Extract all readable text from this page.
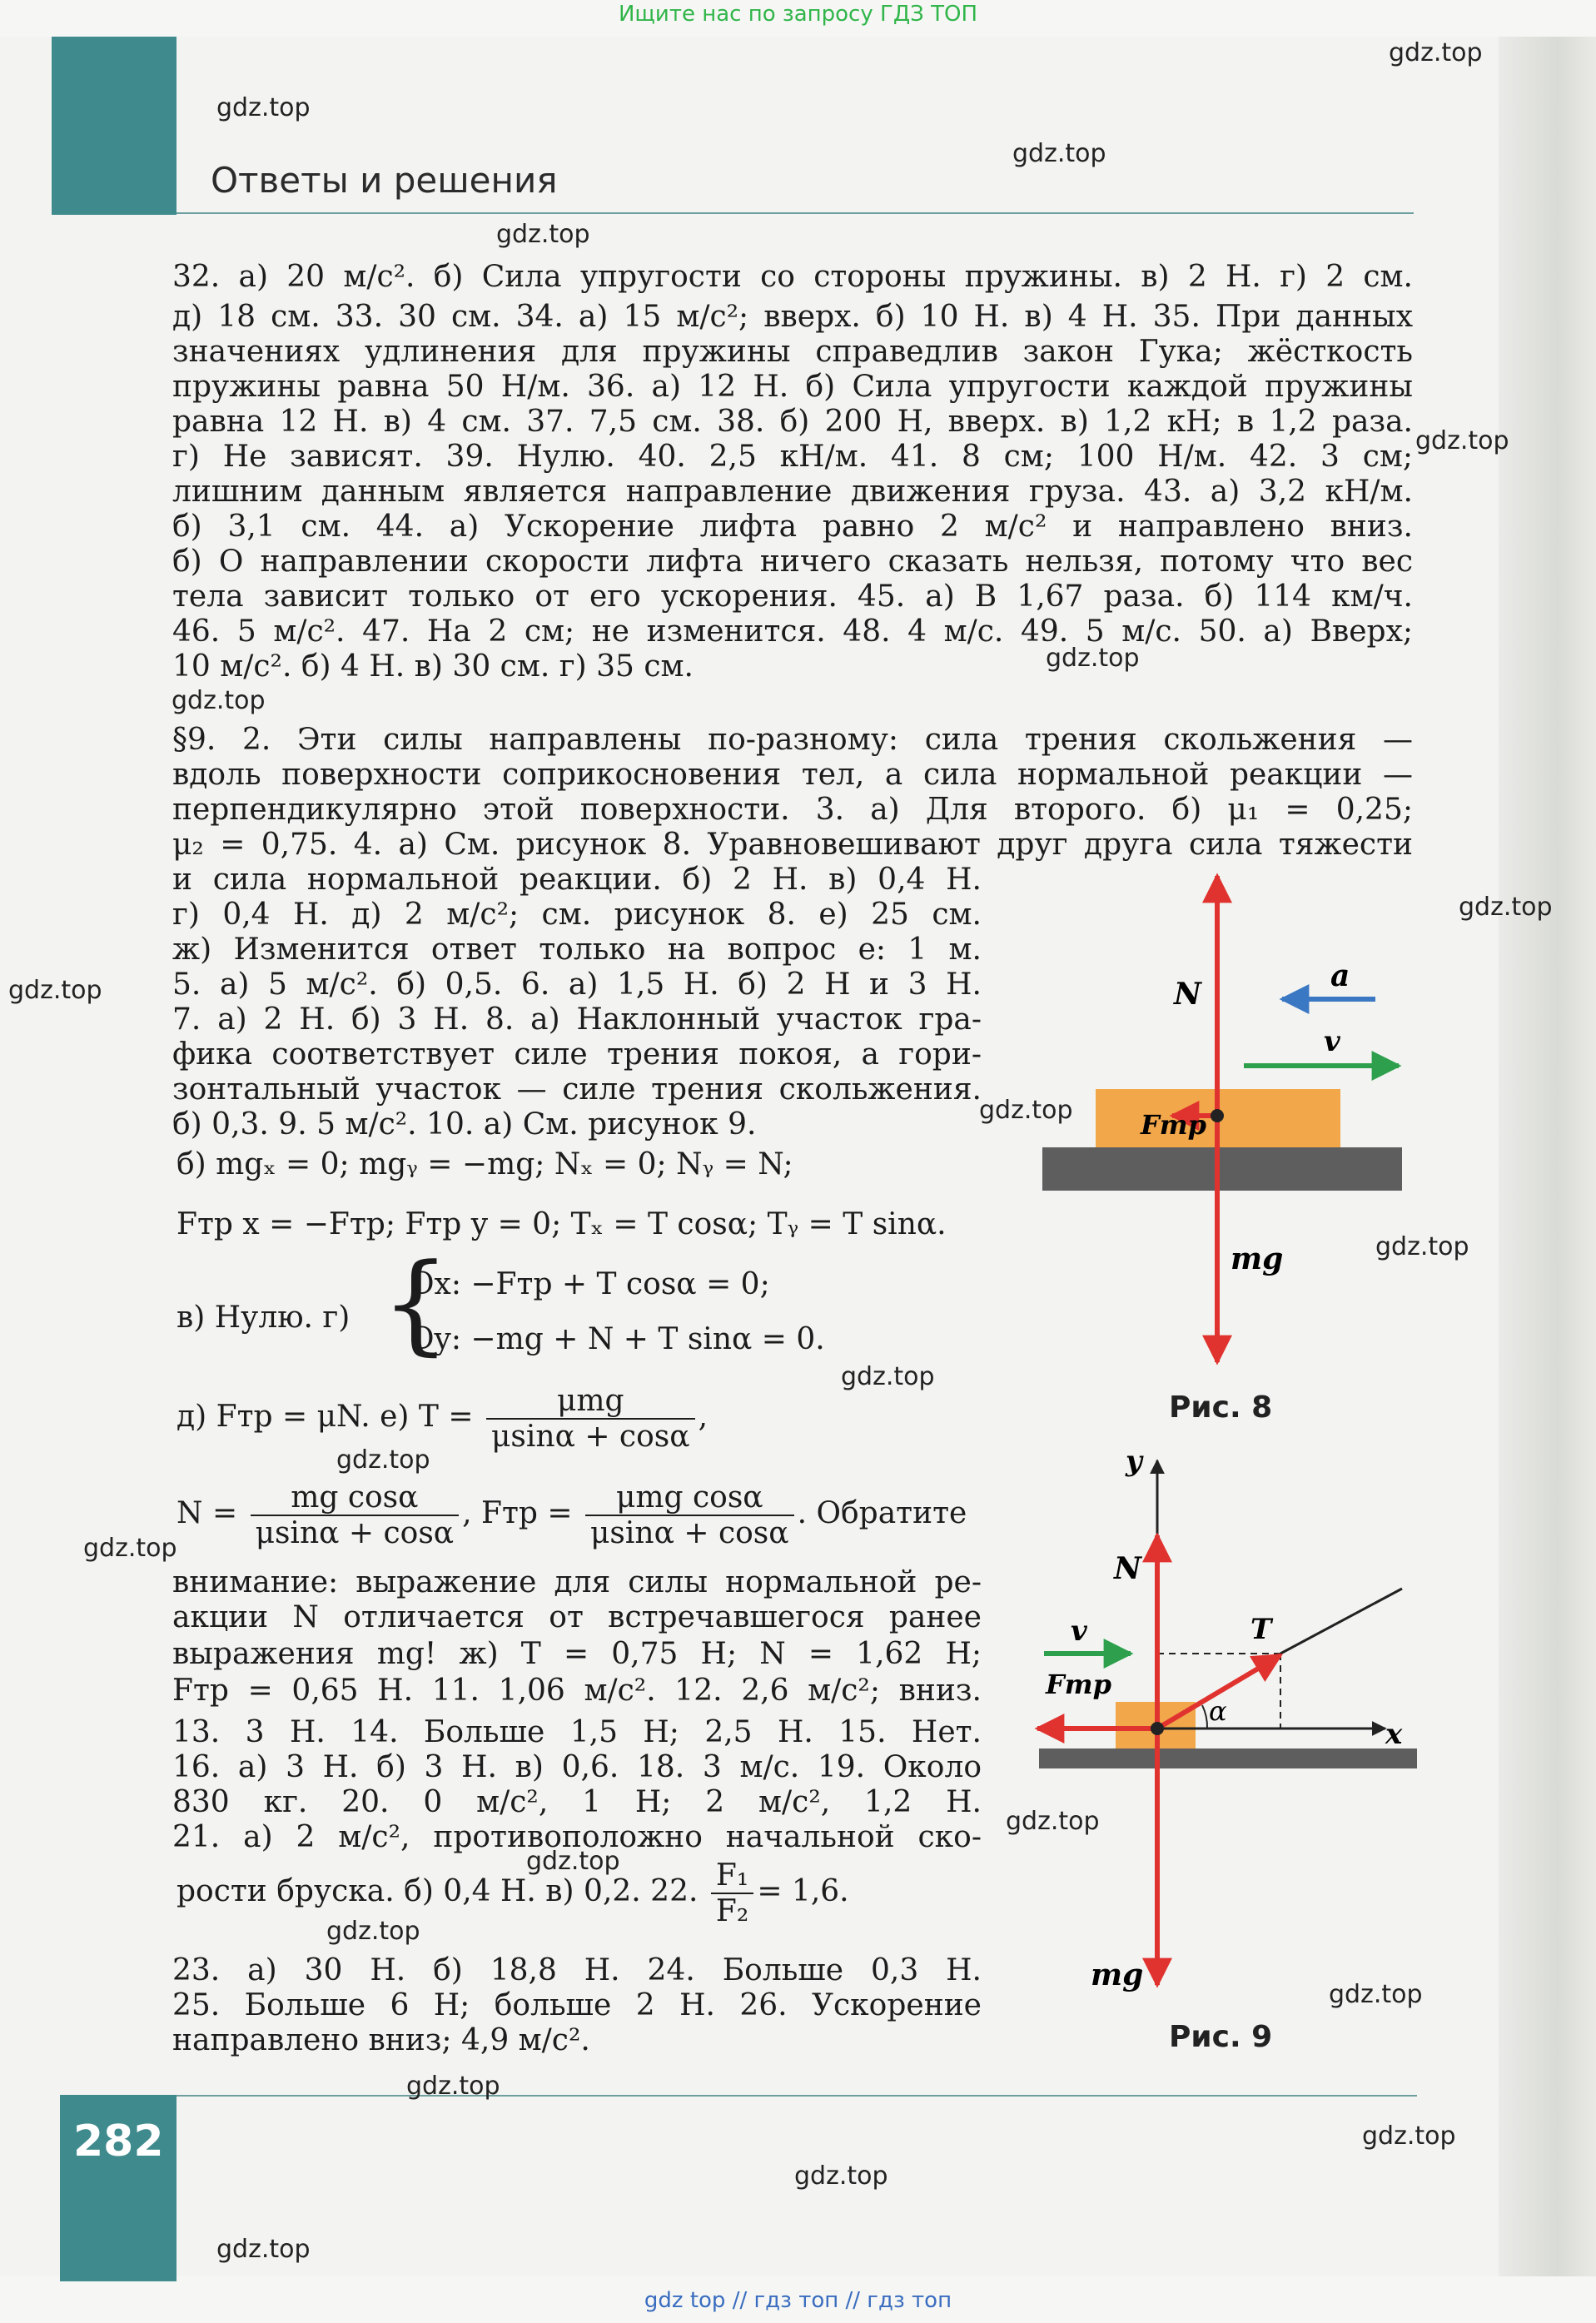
282
Ищите нас по запросу ГДЗ ТОП
gdz top // гдз топ // гдз топ
Ответы и решения
gdz.top
gdz.top
gdz.top
gdz.top
gdz.top
gdz.top
gdz.top
gdz.top
gdz.top
gdz.top
gdz.top
gdz.top
gdz.top
gdz.top
gdz.top
gdz.top
gdz.top
gdz.top
gdz.top
gdz.top
gdz.top
gdz.top
32. а) 20 м/с². б) Сила упругости со стороны пружины. в) 2 Н. г) 2 см.
д) 18 см. 33. 30 см. 34. а) 15 м/с²; вверх. б) 10 Н. в) 4 Н. 35. При данных
значениях удлинения для пружины справедлив закон Гука; жёсткость
пружины равна 50 Н/м. 36. а) 12 Н. б) Сила упругости каждой пружины
равна 12 Н. в) 4 см. 37. 7,5 см. 38. б) 200 Н, вверх. в) 1,2 кН; в 1,2 раза.
г) Не зависят. 39. Нулю. 40. 2,5 кН/м. 41. 8 см; 100 Н/м. 42. 3 см;
лишним данным является направление движения груза. 43. а) 3,2 кН/м.
б) 3,1 см. 44. а) Ускорение лифта равно 2 м/с² и направлено вниз.
б) О направлении скорости лифта ничего сказать нельзя, потому что вес
тела зависит только от его ускорения. 45. а) В 1,67 раза. б) 114 км/ч.
46. 5 м/с². 47. На 2 см; не изменится. 48. 4 м/с. 49. 5 м/с. 50. а) Вверх;
10 м/с². б) 4 Н. в) 30 см. г) 35 см.
§9. 2. Эти силы направлены по-разному: сила трения скольжения —
вдоль поверхности соприкосновения тел, а сила нормальной реакции —
перпендикулярно этой поверхности. 3. а) Для второго. б) μ₁ = 0,25;
μ₂ = 0,75. 4. а) См. рисунок 8. Уравновешивают друг друга сила тяжести
и сила нормальной реакции. б) 2 Н. в) 0,4 Н.
г) 0,4 Н. д) 2 м/с²; см. рисунок 8. е) 25 см.
ж) Изменится ответ только на вопрос е: 1 м.
5. а) 5 м/с². б) 0,5. 6. а) 1,5 Н. б) 2 Н и 3 Н.
7. а) 2 Н. б) 3 Н. 8. а) Наклонный участок гра-
фика соответствует силе трения покоя, а гори-
зонтальный участок — силе трения скольжения.
б) 0,3. 9. 5 м/с². 10. а) См. рисунок 9.
б) mgₓ = 0; mgᵧ = −mg; Nₓ = 0; Nᵧ = N;
Fтр x = −Fтр; Fтр y = 0; Tₓ = T cosα; Tᵧ = T sinα.
в) Нулю. г) {
Ox: −Fтр + T cosα = 0;
Oy: −mg + N + T sinα = 0.
д) Fтр = μN. е) $T = \frac{\text{μmg}}{\mu\sin\alpha + \cos\alpha}$ ,
$N = \frac{\text{mg cosα}}{\mu\sin\alpha + \cos\alpha}$ , Fтр = $\frac{\text{μmg cosα}}{\mu\sin\alpha + \cos\alpha}$ . Обратите
внимание: выражение для силы нормальной ре-
акции N отличается от встречавшегося ранее
выражения mg! ж) T = 0,75 Н; N = 1,62 Н;
Fтр = 0,65 Н. 11. 1,06 м/с². 12. 2,6 м/с²; вниз.
13. 3 Н. 14. Больше 1,5 Н; 2,5 Н. 15. Нет.
16. а) 3 Н. б) 3 Н. в) 0,6. 18. 3 м/с. 19. Около
830 кг. 20. 0 м/с², 1 Н; 2 м/с², 1,2 Н.
21. а) 2 м/с², противоположно начальной ско-
рости бруска. б) 0,4 Н. в) 0,2. 22. $\frac{\text{F₁}}{\text{F₂}} = 1,6$.
23. а) 30 Н. б) 18,8 Н. 24. Больше 0,3 Н.
25. Больше 6 Н; больше 2 Н. 26. Ускорение
направлено вниз; 4,9 м/с².
N
a
v
Fтр
mg
Рис. 8
y
x
N
v	T
Fтр
α
mg
Рис. 9
